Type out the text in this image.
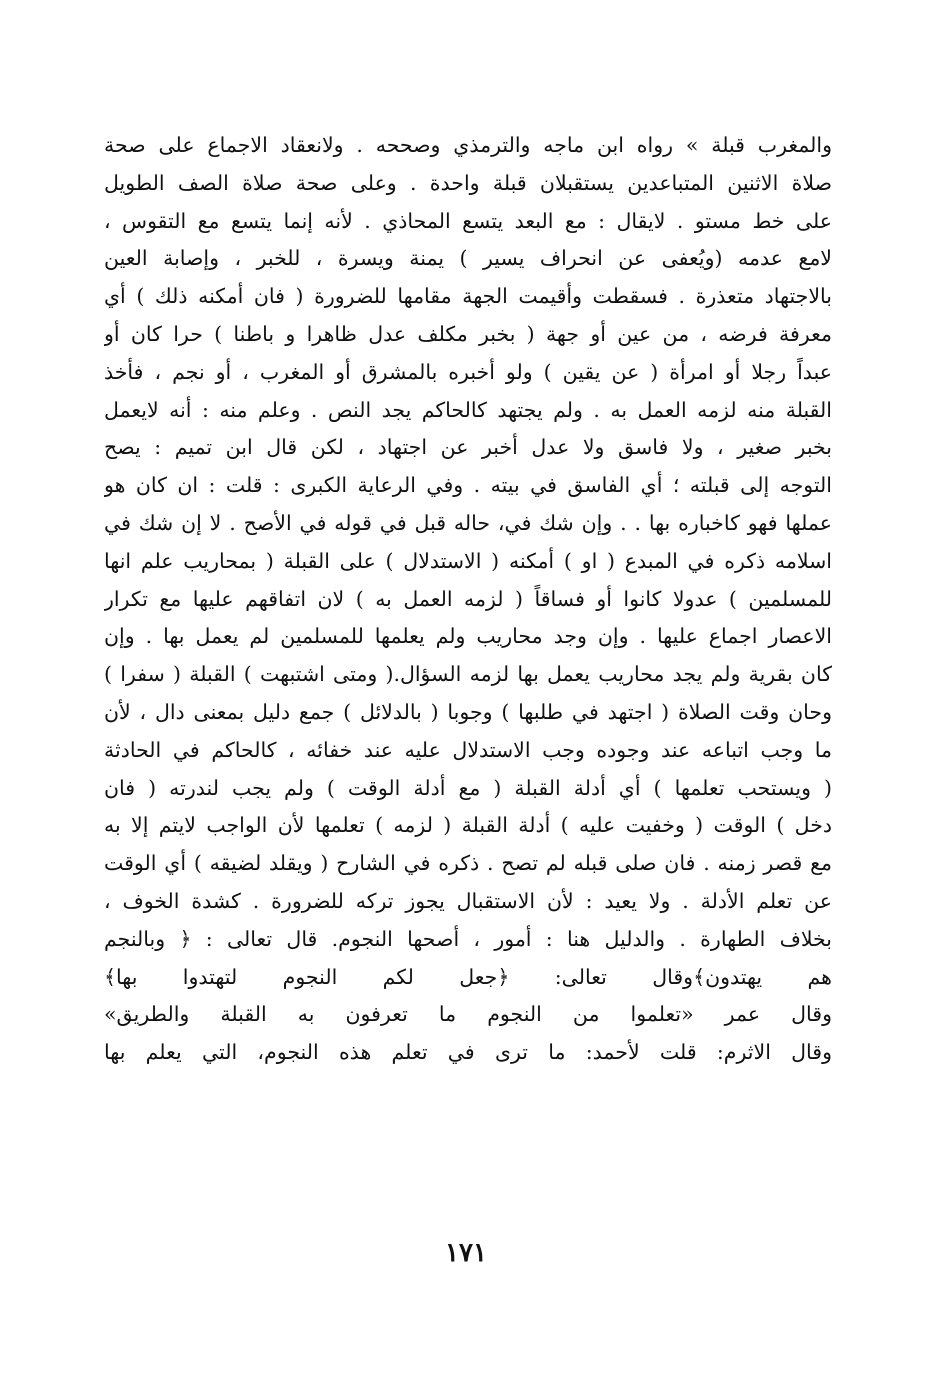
والمغرب قبلة » رواه ابن ماجه والترمذي وصححه . ولانعقاد الاجماع على صحة
صلاة الاثنين المتباعدين يستقبلان قبلة واحدة . وعلى صحة صلاة الصف الطويل
على خط مستو . لايقال : مع البعد يتسع المحاذي . لأنه إنما يتسع مع التقوس ،
لامع عدمه (ويُعفى عن انحراف يسير ) يمنة ويسرة ، للخبر ، وإصابة العين
بالاجتهاد متعذرة . فسقطت وأقيمت الجهة مقامها للضرورة ( فان أمكنه ذلك ) أي
معرفة فرضه ، من عين أو جهة ( بخبر مكلف عدل ظاهرا و باطنا ) حرا كان أو
عبداً رجلا أو امرأة ( عن يقين ) ولو أخبره بالمشرق أو المغرب ، أو نجم ، فأخذ
القبلة منه لزمه العمل به . ولم يجتهد كالحاكم يجد النص . وعلم منه : أنه لايعمل
بخبر صغير ، ولا فاسق ولا عدل أخبر عن اجتهاد ، لكن قال ابن تميم : يصح
التوجه إلى قبلته ؛ أي الفاسق في بيته . وفي الرعاية الكبرى : قلت : ان كان هو
عملها فهو كاخباره بها . . وإن شك في، حاله قبل في قوله في الأصح . لا إن شك في
اسلامه ذكره في المبدع ( او ) أمكنه ( الاستدلال ) على القبلة ( بمحاريب علم انها
للمسلمين ) عدولا كانوا أو فساقاً ( لزمه العمل به ) لان اتفاقهم عليها مع تكرار
الاعصار اجماع عليها . وإن وجد محاريب ولم يعلمها للمسلمين لم يعمل بها . وإن
كان بقرية ولم يجد محاريب يعمل بها لزمه السؤال.( ومتى اشتبهت ) القبلة ( سفرا )
وحان وقت الصلاة ( اجتهد في طلبها ) وجوبا ( بالدلائل ) جمع دليل بمعنى دال ، لأن
ما وجب اتباعه عند وجوده وجب الاستدلال عليه عند خفائه ، كالحاكم في الحادثة
( ويستحب تعلمها ) أي أدلة القبلة ( مع أدلة الوقت ) ولم يجب لندرته ( فان
دخل ) الوقت ( وخفيت عليه ) أدلة القبلة ( لزمه ) تعلمها لأن الواجب لايتم إلا به
مع قصر زمنه . فان صلى قبله لم تصح . ذكره في الشارح ( ويقلد لضيقه ) أي الوقت
عن تعلم الأدلة . ولا يعيد : لأن الاستقبال يجوز تركه للضرورة . كشدة الخوف ،
بخلاف الطهارة . والدليل هنا : أمور ، أصحها النجوم. قال تعالى : ﴿ وبالنجم
هم يهتدون﴾وقال تعالى: ﴿جعل لكم النجوم لتهتدوا بها﴾
وقال عمر «تعلموا من النجوم ما تعرفون به القبلة والطريق»
وقال الاثرم: قلت لأحمد: ما ترى في تعلم هذه النجوم، التي يعلم بها
١٧١
